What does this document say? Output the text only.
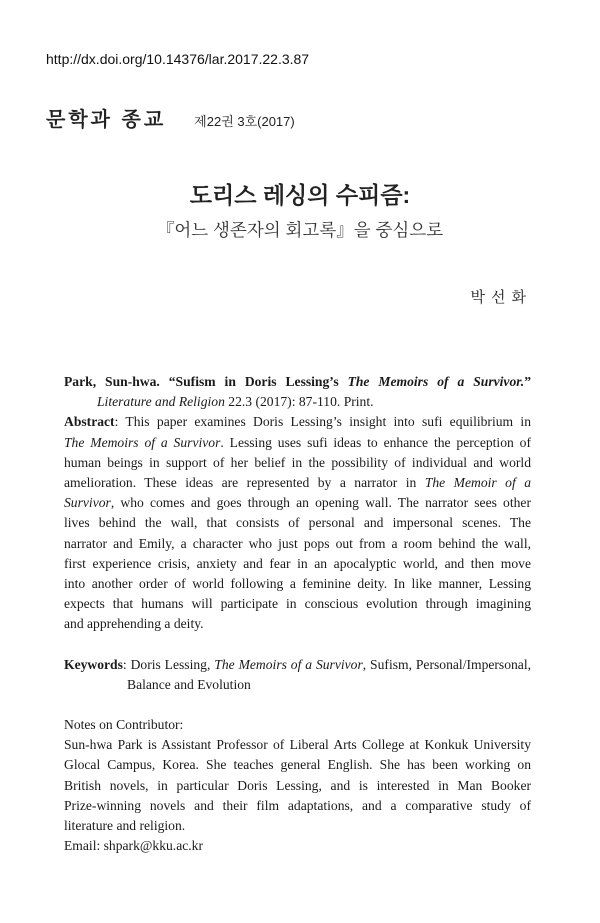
http://dx.doi.org/10.14376/lar.2017.22.3.87
문학과 종교 제22권 3호(2017)
도리스 레싱의 수피즘:
『어느 생존자의 회고록』을 중심으로
박선화

Park, Sun-hwa. “Sufism in Doris Lessing’s The Memoirs of a Survivor.”

Literature and Religion 22.3 (2017): 87-110. Print.

Abstract: This paper examines Doris Lessing’s insight into sufi equilibrium in

The Memoirs of a Survivor. Lessing uses sufi ideas to enhance the perception of

human beings in support of her belief in the possibility of individual and world

amelioration. These ideas are represented by a narrator in The Memoir of a

Survivor, who comes and goes through an opening wall. The narrator sees other

lives behind the wall, that consists of personal and impersonal scenes. The

narrator and Emily, a character who just pops out from a room behind the wall,

first experience crisis, anxiety and fear in an apocalyptic world, and then move

into another order of world following a feminine deity. In like manner, Lessing

expects that humans will participate in conscious evolution through imagining

and apprehending a deity.

Keywords: Doris Lessing, The Memoirs of a Survivor, Sufism, Personal/Impersonal,

Balance and Evolution

Notes on Contributor:

Sun-hwa Park is Assistant Professor of Liberal Arts College at Konkuk University

Glocal Campus, Korea. She teaches general English. She has been working on

British novels, in particular Doris Lessing, and is interested in Man Booker

Prize-winning novels and their film adaptations, and a comparative study of

literature and religion.

Email: shpark@kku.ac.kr
